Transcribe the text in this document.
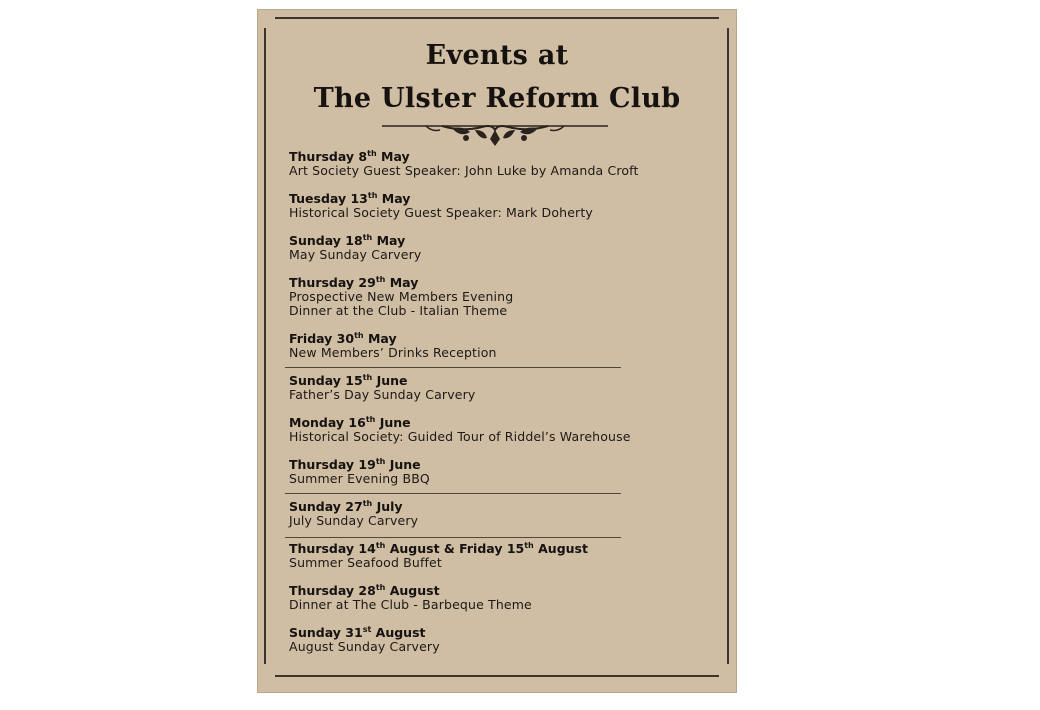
Events at
The Ulster Reform Club
Thursday 8th May
Art Society Guest Speaker: John Luke by Amanda Croft
Tuesday 13th May
Historical Society Guest Speaker: Mark Doherty
Sunday 18th May
May Sunday Carvery
Thursday 29th May
Prospective New Members Evening
Dinner at the Club - Italian Theme
Friday 30th May
New Members’ Drinks Reception
Sunday 15th June
Father’s Day Sunday Carvery
Monday 16th June
Historical Society: Guided Tour of Riddel’s Warehouse
Thursday 19th June
Summer Evening BBQ
Sunday 27th July
July Sunday Carvery
Thursday 14th August & Friday 15th August
Summer Seafood Buffet
Thursday 28th August
Dinner at The Club - Barbeque Theme
Sunday 31st August
August Sunday Carvery
